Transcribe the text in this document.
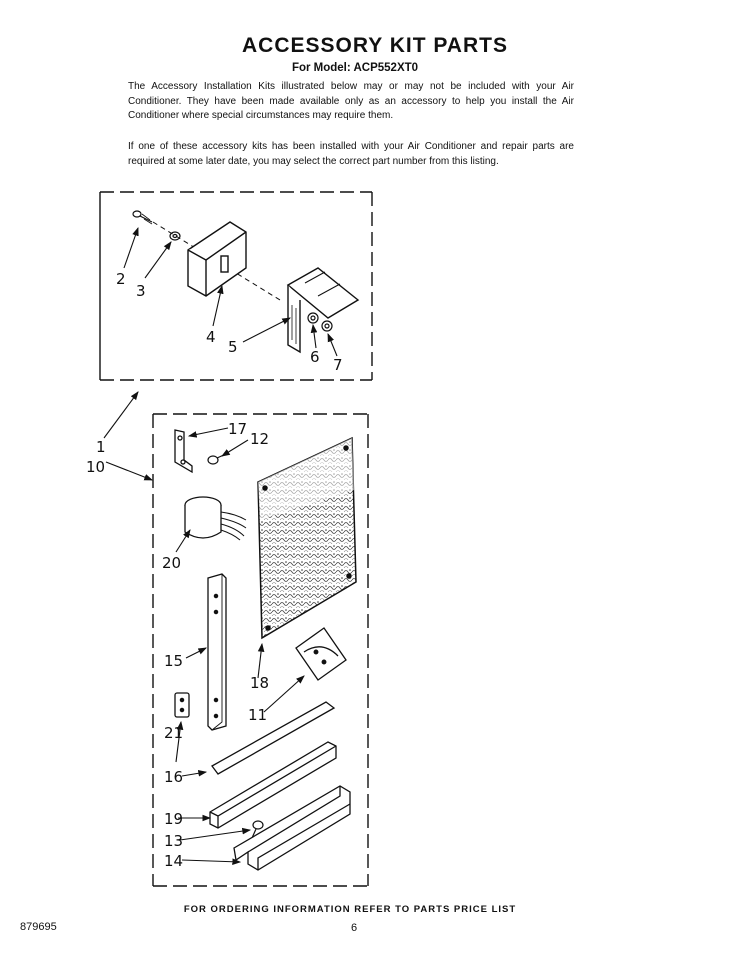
ACCESSORY KIT PARTS
For Model: ACP552XT0
The Accessory Installation Kits illustrated below may or may not be included with your Air Conditioner. They have been made available only as an accessory to help you install the Air Conditioner where special circumstances may require them.
If one of these accessory kits has been installed with your Air Conditioner and repair parts are required at some later date, you may select the correct part number from this listing.
2
3
4
5
6 7
1
10
17
12
20
15
18
11
21
16
19
13
14
FOR ORDERING INFORMATION REFER TO PARTS PRICE LIST
879695	6
